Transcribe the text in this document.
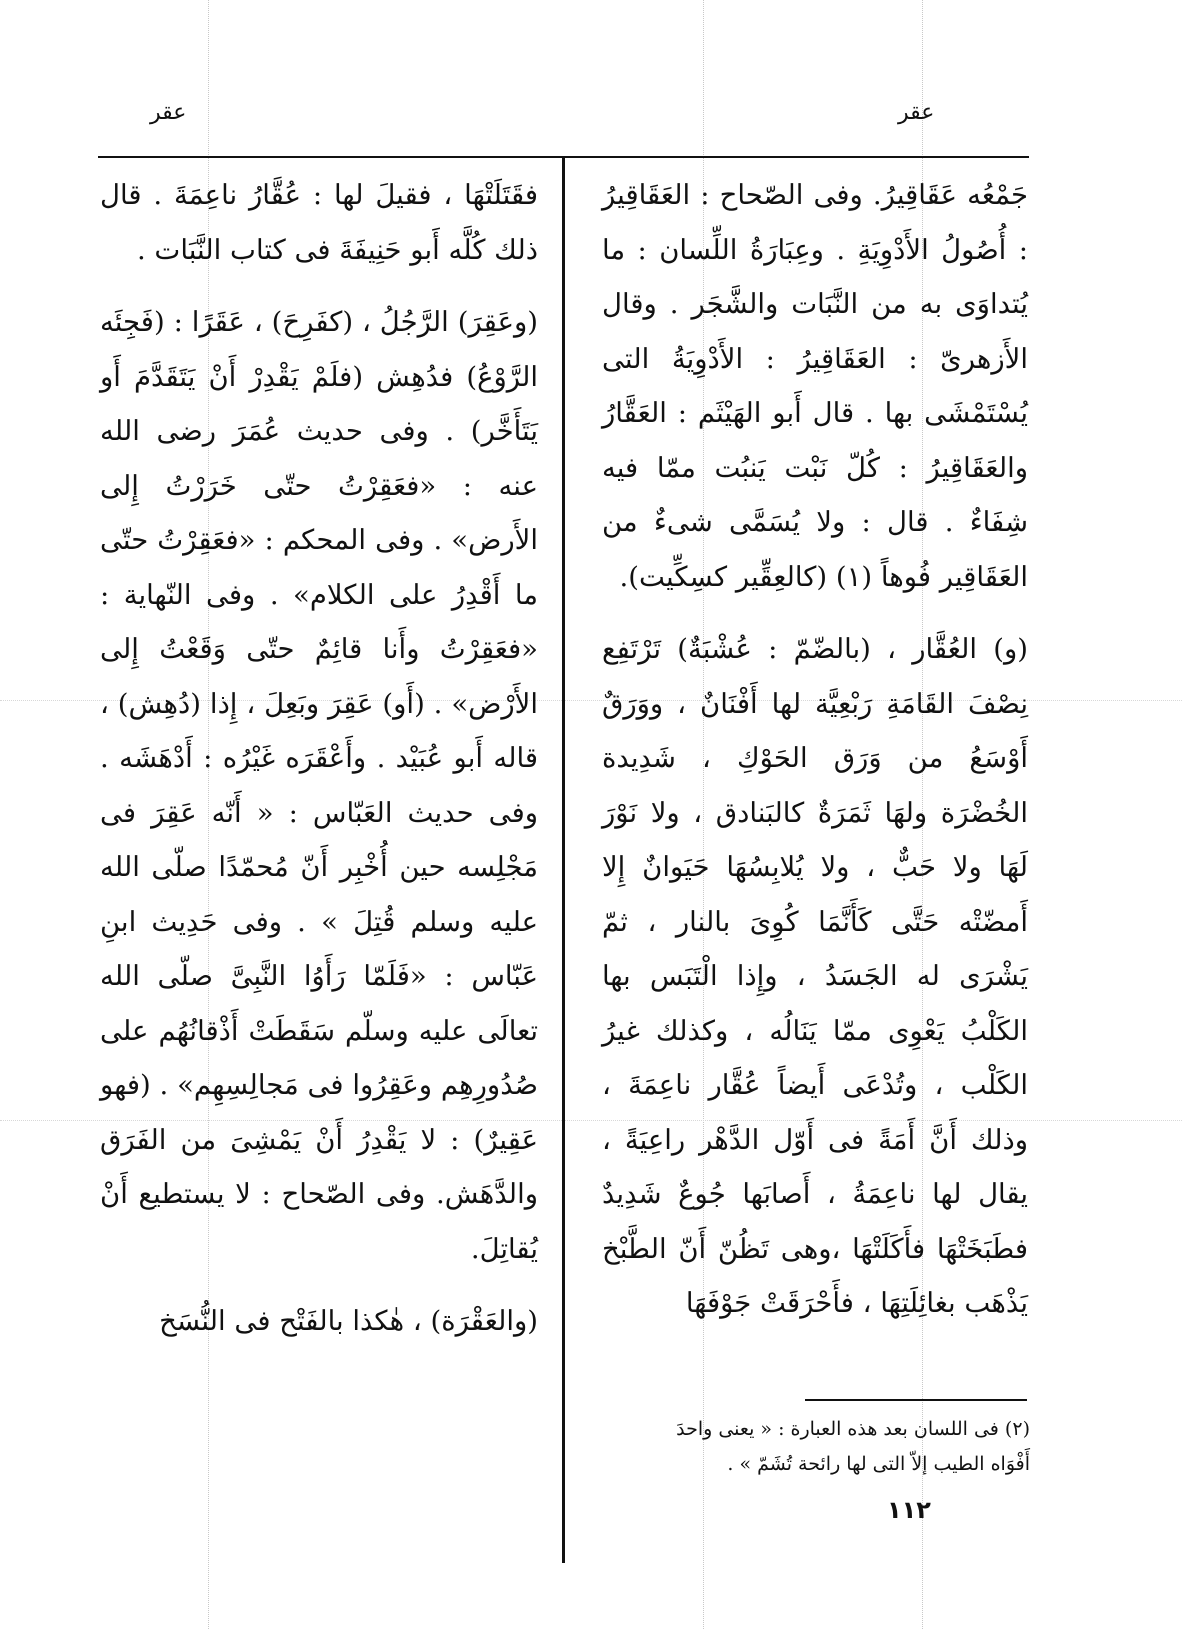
عقر	عقر

جَمْعُه عَقَاقِيرُ. وفى الصّحاح : العَقَاقِيرُ : أُصُولُ الأَدْوِيَةِ . وعِبَارَةُ اللِّسان : ما يُتداوَى به من النَّبَات والشَّجَر . وقال الأَزهرىّ : العَقَاقِيرُ : الأَدْوِيَةُ التى يُسْتَمْشَى بها . قال أَبو الهَيْثَم : العَقَّارُ والعَقَاقِيرُ : كُلّ نَبْت يَنبُت ممّا فيه شِفَاءٌ . قال : ولا يُسَمَّى شىءٌ من العَقَاقِير فُوهاً (١) (كالعِقِّير كسِكِّيت).

(و) العُقَّار ، (بالضّمّ : عُشْبَةٌ) تَرْتَفِع نِصْفَ القَامَةِ رَبْعِيَّة لها أَفْنَانٌ ، ووَرَقٌ أَوْسَعُ من وَرَق الحَوْكِ ، شَدِيدة الخُضْرَة ولهَا ثَمَرَةٌ كالبَنادق ، ولا نَوْرَ لَهَا ولا حَبٌّ ، ولا يُلابِسُهَا حَيَوانٌ إِلا أَمضّتْه حَتَّى كَأَنَّمَا كُوِىَ بالنار ، ثمّ يَشْرَى له الجَسَدُ ، وإِذا الْتَبَس بها الكَلْبُ يَعْوِى ممّا يَنَالُه ، وكذلك غيرُ الكَلْب ، وتُدْعَى أَيضاً عُقَّار ناعِمَةَ ، وذلك أَنَّ أَمَةً فى أَوّل الدَّهْر راعِيَةً ، يقال لها ناعِمَةُ ، أَصابَها جُوعٌ شَدِيدٌ فطَبَخَتْهَا فأَكَلَتْهَا ،وهى تَظُنّ أَنّ الطَّبْخ يَذْهَب بغائِلَتِهَا ، فأَحْرَقَتْ جَوْفَهَا

فقَتَلَتْهَا ، فقيلَ لها : عُقَّارُ ناعِمَةَ . قال ذلك كُلَّه أَبو حَنِيفَةَ فى كتاب النَّبَات .

(وعَقِرَ) الرَّجُلُ ، (كفَرِحَ) ، عَقَرًا : (فَجِئَه الرَّوْعُ) فدُهِش (فلَمْ يَقْدِرْ أَنْ يَتَقَدَّمَ أَو يَتَأَخَّر) . وفى حديث عُمَرَ رضى الله عنه : «فعَقِرْتُ حتّى خَرَرْتُ إِلى الأَرض» . وفى المحكم : «فعَقِرْتُ حتّى ما أَقْدِرُ على الكلام» . وفى النّهاية : «فعَقِرْتُ وأَنا قائِمٌ حتّى وَقَعْتُ إِلى الأَرْض» . (أَو) عَقِرَ وبَعِلَ ، إِذا (دُهِش) ، قاله أَبو عُبَيْد . وأَعْقَرَه غَيْرُه : أَدْهَشَه . وفى حديث العَبّاس : « أَنّه عَقِرَ فى مَجْلِسه حين أُخْبِر أَنّ مُحمّدًا صلّى الله عليه وسلم قُتِلَ » . وفى حَدِيث ابنِ عَبّاس : «فَلَمّا رَأَوُا النَّبِىَّ صلّى الله تعالَى عليه وسلّم سَقَطَتْ أَذْقانُهُم على صُدُورِهِم وعَقِرُوا فى مَجالِسِهِم» . (فهو عَقِيرٌ) : لا يَقْدِرُ أَنْ يَمْشِىَ من الفَرَق والدَّهَش. وفى الصّحاح : لا يستطيع أَنْ يُقاتِلَ.

(والعَقْرَة) ، هٰكذا بالفَتْح فى النُّسَخ

(٢) فى اللسان بعد هذه العبارة : « يعنى واحدَ

أَفْوَاه الطيب إلاّ التى لها رائحة تُشَمّ » .

١١٢
